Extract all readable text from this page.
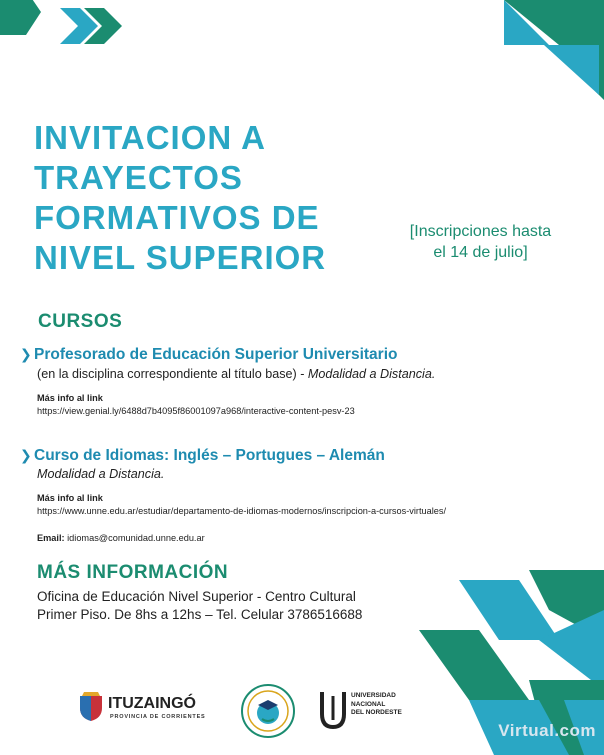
INVITACION A
TRAYECTOS
FORMATIVOS DE
NIVEL SUPERIOR
[Inscripciones hasta
el 14 de julio]
CURSOS
❯ Profesorado de Educación Superior Universitario
(en la disciplina correspondiente al título base) - Modalidad a Distancia.
Más info al link
https://view.genial.ly/6488d7b4095f86001097a968/interactive-content-pesv-23
❯ Curso de Idiomas: Inglés – Portugues – Alemán
Modalidad a Distancia.
Más info al link
https://www.unne.edu.ar/estudiar/departamento-de-idiomas-modernos/inscripcion-a-cursos-virtuales/
Email: idiomas@comunidad.unne.edu.ar
MÁS INFORMACIÓN
Oficina de Educación Nivel Superior - Centro Cultural
Primer Piso. De 8hs a 12hs – Tel. Celular 3786516688
ITUZAINGÓ
PROVINCIA DE CORRIENTES
UNIVERSIDAD
NACIONAL
DEL NORDESTE
Virtual.com
